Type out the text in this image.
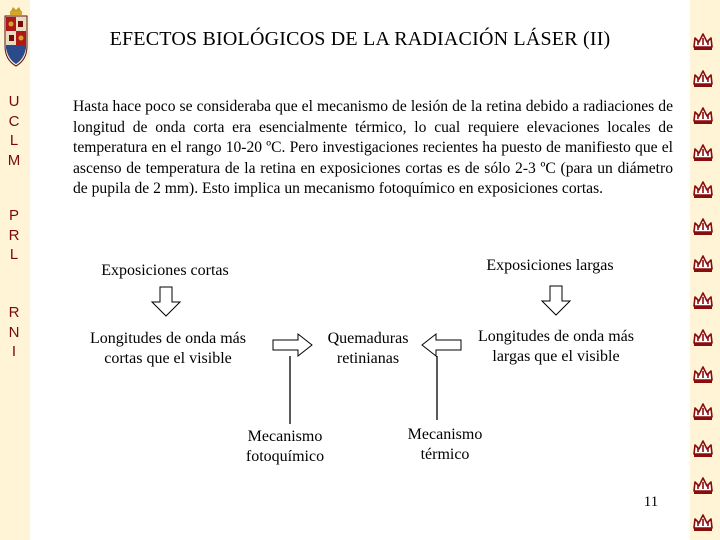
U
C
L
M
P
R
L
R
N
I
EFECTOS BIOLÓGICOS DE LA RADIACIÓN LÁSER (II)
Hasta hace poco se consideraba que el mecanismo de lesión de la retina debido a radiaciones de longitud de onda corta era esencialmente térmico, lo cual requiere elevaciones locales de temperatura en el rango 10-20 ºC. Pero investigaciones recientes ha puesto de manifiesto que el ascenso de temperatura de la retina en exposiciones cortas es de sólo 2-3 ºC (para un diámetro de pupila de 2 mm). Esto implica un mecanismo fotoquímico en exposiciones cortas.
Exposiciones cortas	Exposiciones largas
Longitudes de onda más
cortas que el visible
Quemaduras
retinianas
Longitudes de onda más
largas que el visible
Mecanismo
fotoquímico
Mecanismo
térmico
11
